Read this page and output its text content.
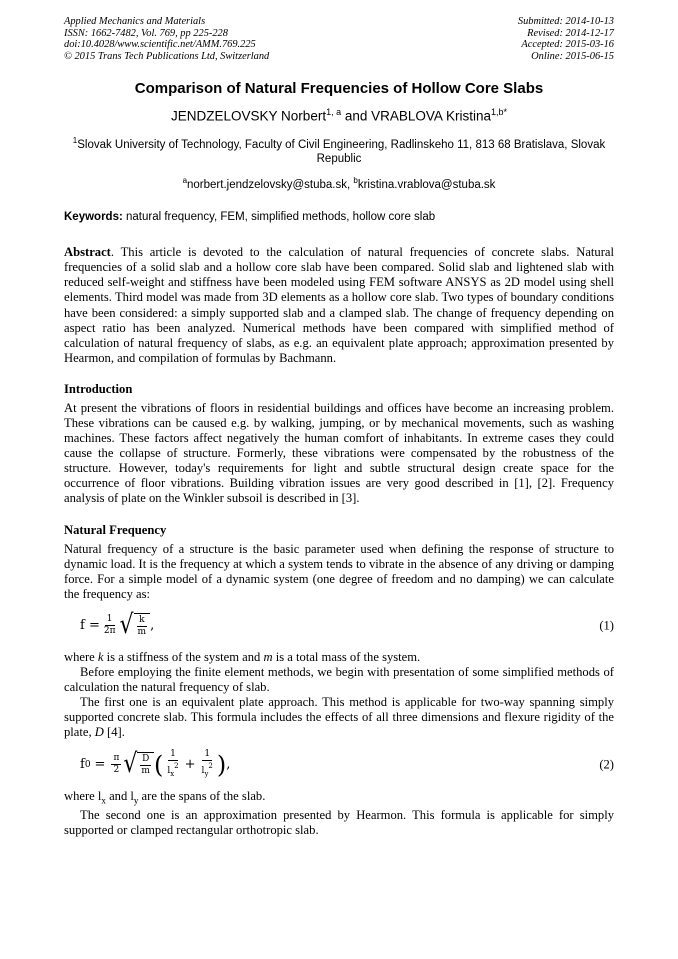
Applied Mechanics and Materials
ISSN: 1662-7482, Vol. 769, pp 225-228
doi:10.4028/www.scientific.net/AMM.769.225
© 2015 Trans Tech Publications Ltd, Switzerland
Submitted: 2014-10-13
Revised: 2014-12-17
Accepted: 2015-03-16
Online: 2015-06-15
Comparison of Natural Frequencies of Hollow Core Slabs
JENDZELOVSKY Norbert$^{1, a}$ and VRABLOVA Kristina$^{1,b*}$
$^1$Slovak University of Technology, Faculty of Civil Engineering, Radlinskeho 11, 813 68 Bratislava, Slovak Republic
$^a$norbert.jendzelovsky@stuba.sk, $^b$kristina.vrablova@stuba.sk
Keywords: natural frequency, FEM, simplified methods, hollow core slab
Abstract. This article is devoted to the calculation of natural frequencies of concrete slabs. Natural frequencies of a solid slab and a hollow core slab have been compared. Solid slab and lightened slab with reduced self-weight and stiffness have been modeled using FEM software ANSYS as 2D model using shell elements. Third model was made from 3D elements as a hollow core slab. Two types of boundary conditions have been considered: a simply supported slab and a clamped slab. The change of frequency depending on aspect ratio has been analyzed. Numerical methods have been compared with simplified method of calculation of natural frequency of slabs, as e.g. an equivalent plate approach; approximation presented by Hearmon, and compilation of formulas by Bachmann.
Introduction
At present the vibrations of floors in residential buildings and offices have become an increasing problem. These vibrations can be caused e.g. by walking, jumping, or by mechanical movements, such as washing machines. These factors affect negatively the human comfort of inhabitants. In extreme cases they could cause the collapse of structure. Formerly, these vibrations were compensated by the robustness of the structure. However, today's requirements for light and subtle structural design create space for the occurrence of floor vibrations. Building vibration issues are very good described in [1], [2]. Frequency analysis of plate on the Winkler subsoil is described in [3].
Natural Frequency
Natural frequency of a structure is the basic parameter used when defining the response of structure to dynamic load. It is the frequency at which a system tends to vibrate in the absence of any driving or damping force. For a simple model of a dynamic system (one degree of freedom and no damping) we can calculate the frequency as:
$f = \frac{1}{2\pi}$ √ $\frac{k}{m}$ ,	(1)
where k is a stiffness of the system and m is a total mass of the system.
Before employing the finite element methods, we begin with presentation of some simplified methods of calculation the natural frequency of slab.
The first one is an equivalent plate approach. This method is applicable for two-way spanning simply supported concrete slab. This formula includes the effects of all three dimensions and flexure rigidity of the plate, D [4].
f $0 = \frac{\pi}{2}$ √ $\frac{D}{m}$ ( $\frac{1}{l_x^2} + \frac{1}{l_y^2}$ ) ,	(2)
where $l_x$ and $l_y$ are the spans of the slab.
The second one is an approximation presented by Hearmon. This formula is applicable for simply supported or clamped rectangular orthotropic slab.
